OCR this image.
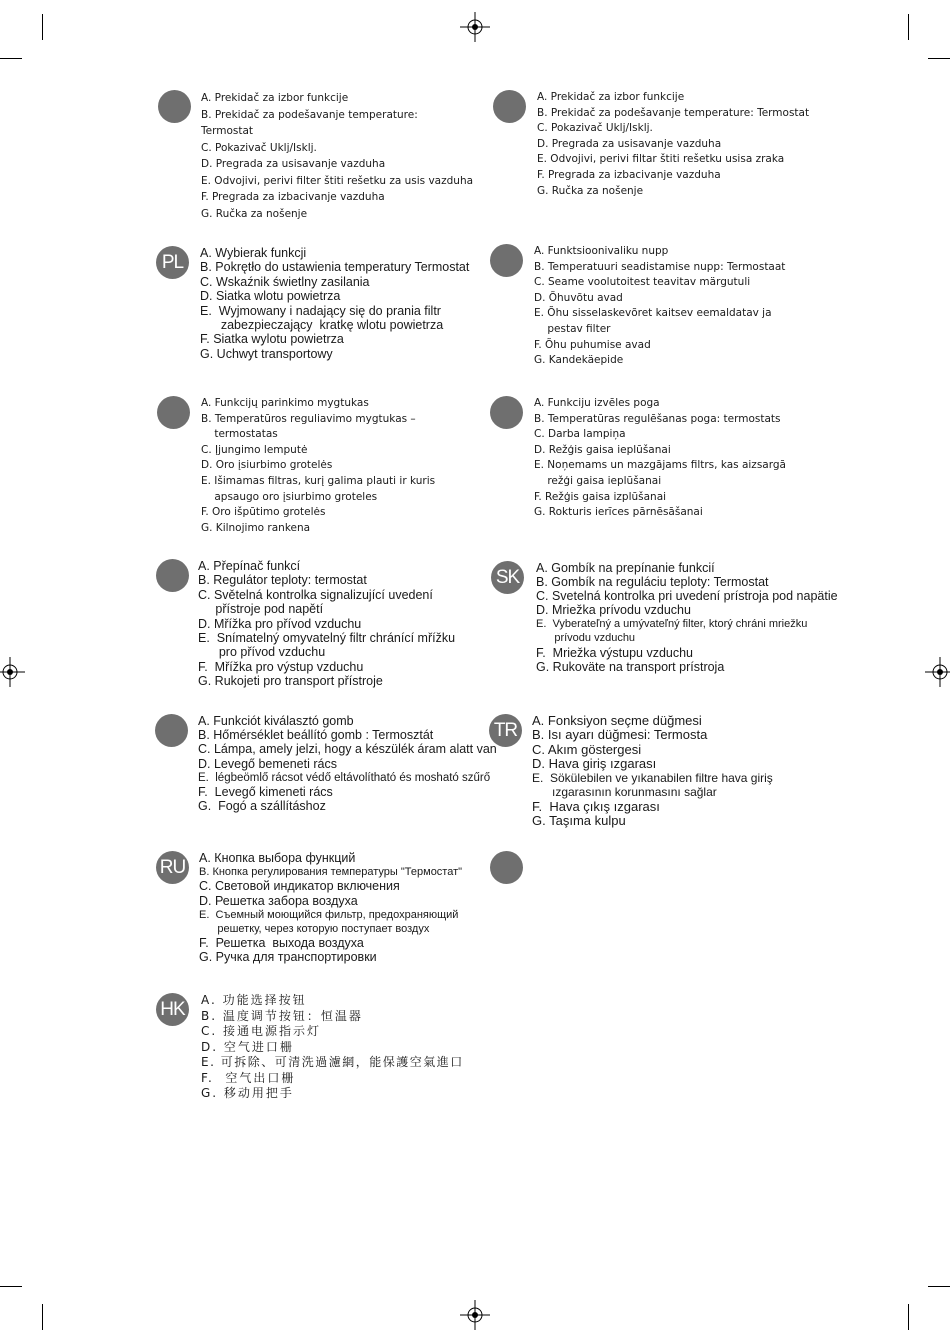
A. Prekidač za izbor funkcije
B. Prekidač za podešavanje temperature:
Termostat
C. Pokazivač Uklj/Isklj.
D. Pregrada za usisavanje vazduha
E. Odvojivi, perivi filter štiti rešetku za usis vazduha
F. Pregrada za izbacivanje vazduha
G. Ručka za nošenje
A. Prekidač za izbor funkcije
B. Prekidač za podešavanje temperature: Termostat
C. Pokazivač Uklj/Isklj.
D. Pregrada za usisavanje vazduha
E. Odvojivi, perivi filtar štiti rešetku usisa zraka
F. Pregrada za izbacivanje vazduha
G. Ručka za nošenje
PL	A. Wybierak funkcji
B. Pokrętło do ustawienia temperatury Termostat
C. Wskaźnik świetlny zasilania
D. Siatka wlotu powietrza
E.  Wyjmowany i nadający się do prania filtr
zabezpieczający  kratkę wlotu powietrza
F. Siatka wylotu powietrza
G. Uchwyt transportowy
A. Funktsioonivaliku nupp
B. Temperatuuri seadistamise nupp: Termostaat
C. Seame voolutoitest teavitav märgutuli
D. Õhuvõtu avad
E. Õhu sisselaskevõret kaitsev eemaldatav ja
pestav filter
F. Õhu puhumise avad
G. Kandekäepide
A. Funkcijų parinkimo mygtukas
B. Temperatūros reguliavimo mygtukas –
termostatas
C. Įjungimo lemputė
D. Oro įsiurbimo grotelės
E. Išimamas filtras, kurį galima plauti ir kuris
apsaugo oro įsiurbimo groteles
F. Oro išpūtimo grotelės
G. Kilnojimo rankena
A. Funkciju izvēles poga
B. Temperatūras regulēšanas poga: termostats
C. Darba lampiņa
D. Režģis gaisa ieplūšanai
E. Noņemams un mazgājams filtrs, kas aizsargā
režģi gaisa ieplūšanai
F. Režģis gaisa izplūšanai
G. Rokturis ierīces pārnēsāšanai
A. Přepínač funkcí
B. Regulátor teploty: termostat
C. Světelná kontrolka signalizující uvedení
přístroje pod napětí
D. Mřížka pro přívod vzduchu
E.  Snímatelný omyvatelný filtr chránící mřížku
pro přívod vzduchu
F.  Mřížka pro výstup vzduchu
G. Rukojeti pro transport přístroje
SK	A. Gombík na prepínanie funkcií
B. Gombík na reguláciu teploty: Termostat
C. Svetelná kontrolka pri uvedení prístroja pod napätie
D. Mriežka prívodu vzduchu
E.  Vyberateľný a umývateľný filter, ktorý chráni mriežku
prívodu vzduchu
F.  Mriežka výstupu vzduchu
G. Rukoväte na transport prístroja
A. Funkciót kiválasztó gomb
B. Hőmérséklet beállító gomb : Termosztát
C. Lámpa, amely jelzi, hogy a készülék áram alatt van
D. Levegő bemeneti rács
E.  légbeömlő rácsot védő eltávolítható és mosható szűrő
F.  Levegő kimeneti rács
G.  Fogó a szállításhoz
TR	A. Fonksiyon seçme düğmesi
B. Isı ayarı düğmesi: Termosta
C. Akım göstergesi
D. Hava giriş ızgarası
E.  Sökülebilen ve yıkanabilen filtre hava giriş
ızgarasının korunmasını sağlar
F.  Hava çıkış ızgarası
G. Taşıma kulpu
RU	A. Кнопка выбора функций
B. Кнопка регулирования температуры "Термостат"
C. Световой индикатор включения
D. Решетка забора воздуха
E.  Съемный моющийся фильтр, предохраняющий
решетку, через которую поступает воздух
F.  Решетка  выхода воздуха
G. Ручка для транспортировки
HK	A. 功能选择按钮
B. 温度调节按钮：恒温器
C. 接通电源指示灯
D. 空气进口栅
E. 可拆除、可清洗過濾網，能保護空氣進口
F.  空气出口栅
G. 移动用把手
